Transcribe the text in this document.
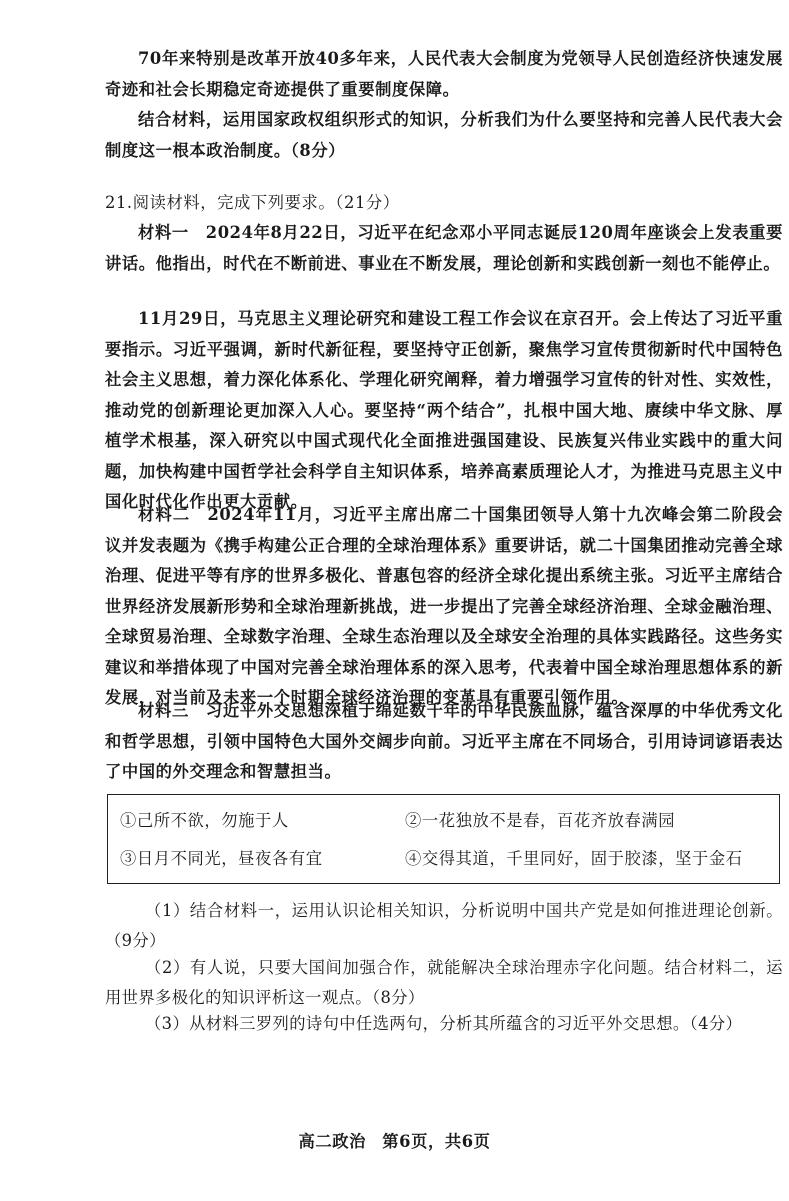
70年来特别是改革开放40多年来，人民代表大会制度为党领导人民创造经济快速发展奇迹和社会长期稳定奇迹提供了重要制度保障。

结合材料，运用国家政权组织形式的知识，分析我们为什么要坚持和完善人民代表大会制度这一根本政治制度。（8分）

21.阅读材料，完成下列要求。（21分）

材料一　2024年8月22日，习近平在纪念邓小平同志诞辰120周年座谈会上发表重要讲话。他指出，时代在不断前进、事业在不断发展，理论创新和实践创新一刻也不能停止。

11月29日，马克思主义理论研究和建设工程工作会议在京召开。会上传达了习近平重要指示。习近平强调，新时代新征程，要坚持守正创新，聚焦学习宣传贯彻新时代中国特色社会主义思想，着力深化体系化、学理化研究阐释，着力增强学习宣传的针对性、实效性，推动党的创新理论更加深入人心。要坚持“两个结合”，扎根中国大地、赓续中华文脉、厚植学术根基，深入研究以中国式现代化全面推进强国建设、民族复兴伟业实践中的重大问题，加快构建中国哲学社会科学自主知识体系，培养高素质理论人才，为推进马克思主义中国化时代化作出更大贡献。

材料二　2024年11月，习近平主席出席二十国集团领导人第十九次峰会第二阶段会议并发表题为《携手构建公正合理的全球治理体系》重要讲话，就二十国集团推动完善全球治理、促进平等有序的世界多极化、普惠包容的经济全球化提出系统主张。习近平主席结合世界经济发展新形势和全球治理新挑战，进一步提出了完善全球经济治理、全球金融治理、全球贸易治理、全球数字治理、全球生态治理以及全球安全治理的具体实践路径。这些务实建议和举措体现了中国对完善全球治理体系的深入思考，代表着中国全球治理思想体系的新发展，对当前及未来一个时期全球经济治理的变革具有重要引领作用。

材料三　习近平外交思想深植于绵延数千年的中华民族血脉，蕴含深厚的中华优秀文化和哲学思想，引领中国特色大国外交阔步向前。习近平主席在不同场合，引用诗词谚语表达了中国的外交理念和智慧担当。

①己所不欲，勿施于人	②一花独放不是春，百花齐放春满园
③日月不同光，昼夜各有宜	④交得其道，千里同好，固于胶漆，坚于金石

（1）结合材料一，运用认识论相关知识，分析说明中国共产党是如何推进理论创新。（9分）

（2）有人说，只要大国间加强合作，就能解决全球治理赤字化问题。结合材料二，运用世界多极化的知识评析这一观点。（8分）

（3）从材料三罗列的诗句中任选两句，分析其所蕴含的习近平外交思想。（4分）

高二政治 第6页，共6页
